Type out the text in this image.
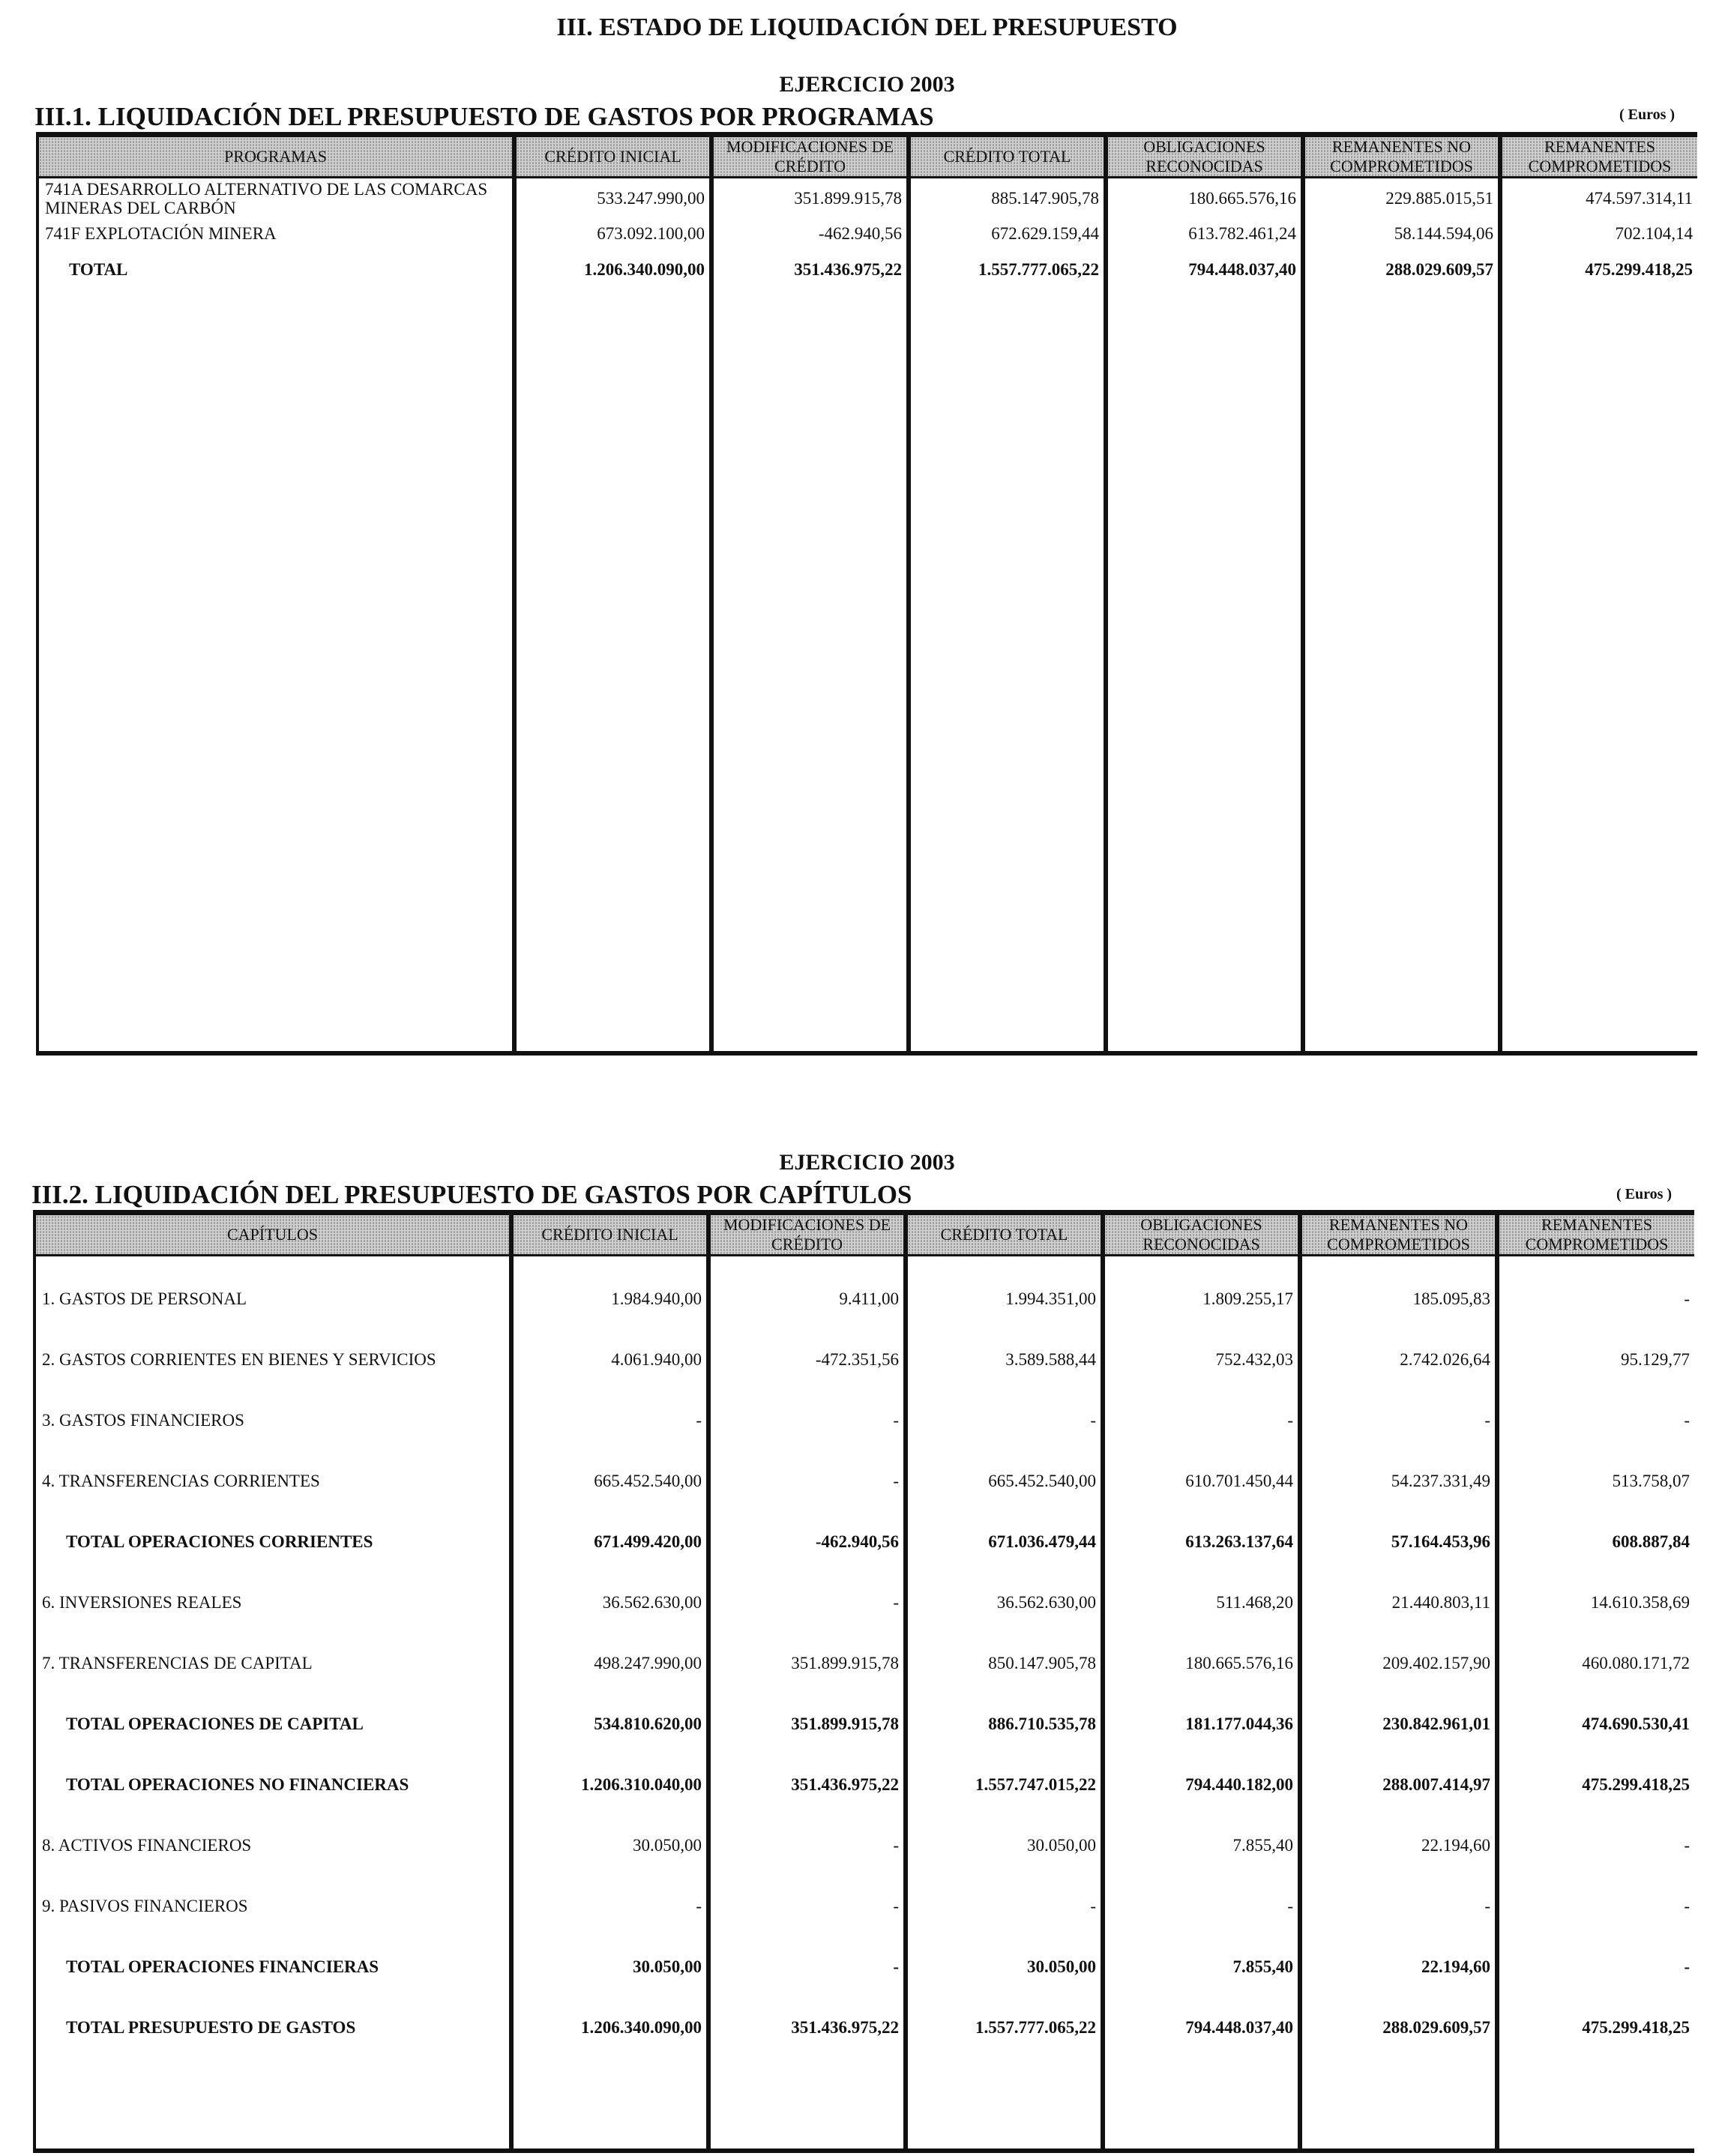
III. ESTADO DE LIQUIDACIÓN DEL PRESUPUESTO
EJERCICIO 2003
III.1. LIQUIDACIÓN DEL PRESUPUESTO DE GASTOS POR PROGRAMAS	( Euros )
PROGRAMAS	CRÉDITO INICIAL	MODIFICACIONES DE CRÉDITO	CRÉDITO TOTAL	OBLIGACIONES RECONOCIDAS	REMANENTES NO COMPROMETIDOS	REMANENTES COMPROMETIDOS
741A DESARROLLO ALTERNATIVO DE LAS COMARCAS MINERAS DEL CARBÓN	533.247.990,00	351.899.915,78	885.147.905,78	180.665.576,16	229.885.015,51	474.597.314,11
741F EXPLOTACIÓN MINERA	673.092.100,00	-462.940,56	672.629.159,44	613.782.461,24	58.144.594,06	702.104,14
TOTAL	1.206.340.090,00	351.436.975,22	1.557.777.065,22	794.448.037,40	288.029.609,57	475.299.418,25

EJERCICIO 2003
III.2. LIQUIDACIÓN DEL PRESUPUESTO DE GASTOS POR CAPÍTULOS	( Euros )
CAPÍTULOS	CRÉDITO INICIAL	MODIFICACIONES DE CRÉDITO	CRÉDITO TOTAL	OBLIGACIONES RECONOCIDAS	REMANENTES NO COMPROMETIDOS	REMANENTES COMPROMETIDOS

1. GASTOS DE PERSONAL	1.984.940,00	9.411,00	1.994.351,00	1.809.255,17	185.095,83	-
2. GASTOS CORRIENTES EN BIENES Y SERVICIOS	4.061.940,00	-472.351,56	3.589.588,44	752.432,03	2.742.026,64	95.129,77
3. GASTOS FINANCIEROS	-	-	-	-	-	-
4. TRANSFERENCIAS CORRIENTES	665.452.540,00	-	665.452.540,00	610.701.450,44	54.237.331,49	513.758,07
TOTAL OPERACIONES CORRIENTES	671.499.420,00	-462.940,56	671.036.479,44	613.263.137,64	57.164.453,96	608.887,84
6. INVERSIONES REALES	36.562.630,00	-	36.562.630,00	511.468,20	21.440.803,11	14.610.358,69
7. TRANSFERENCIAS DE CAPITAL	498.247.990,00	351.899.915,78	850.147.905,78	180.665.576,16	209.402.157,90	460.080.171,72
TOTAL OPERACIONES DE CAPITAL	534.810.620,00	351.899.915,78	886.710.535,78	181.177.044,36	230.842.961,01	474.690.530,41
TOTAL OPERACIONES NO FINANCIERAS	1.206.310.040,00	351.436.975,22	1.557.747.015,22	794.440.182,00	288.007.414,97	475.299.418,25
8. ACTIVOS FINANCIEROS	30.050,00	-	30.050,00	7.855,40	22.194,60	-
9. PASIVOS FINANCIEROS	-	-	-	-	-	-
TOTAL OPERACIONES FINANCIERAS	30.050,00	-	30.050,00	7.855,40	22.194,60	-
TOTAL PRESUPUESTO DE GASTOS	1.206.340.090,00	351.436.975,22	1.557.777.065,22	794.448.037,40	288.029.609,57	475.299.418,25
